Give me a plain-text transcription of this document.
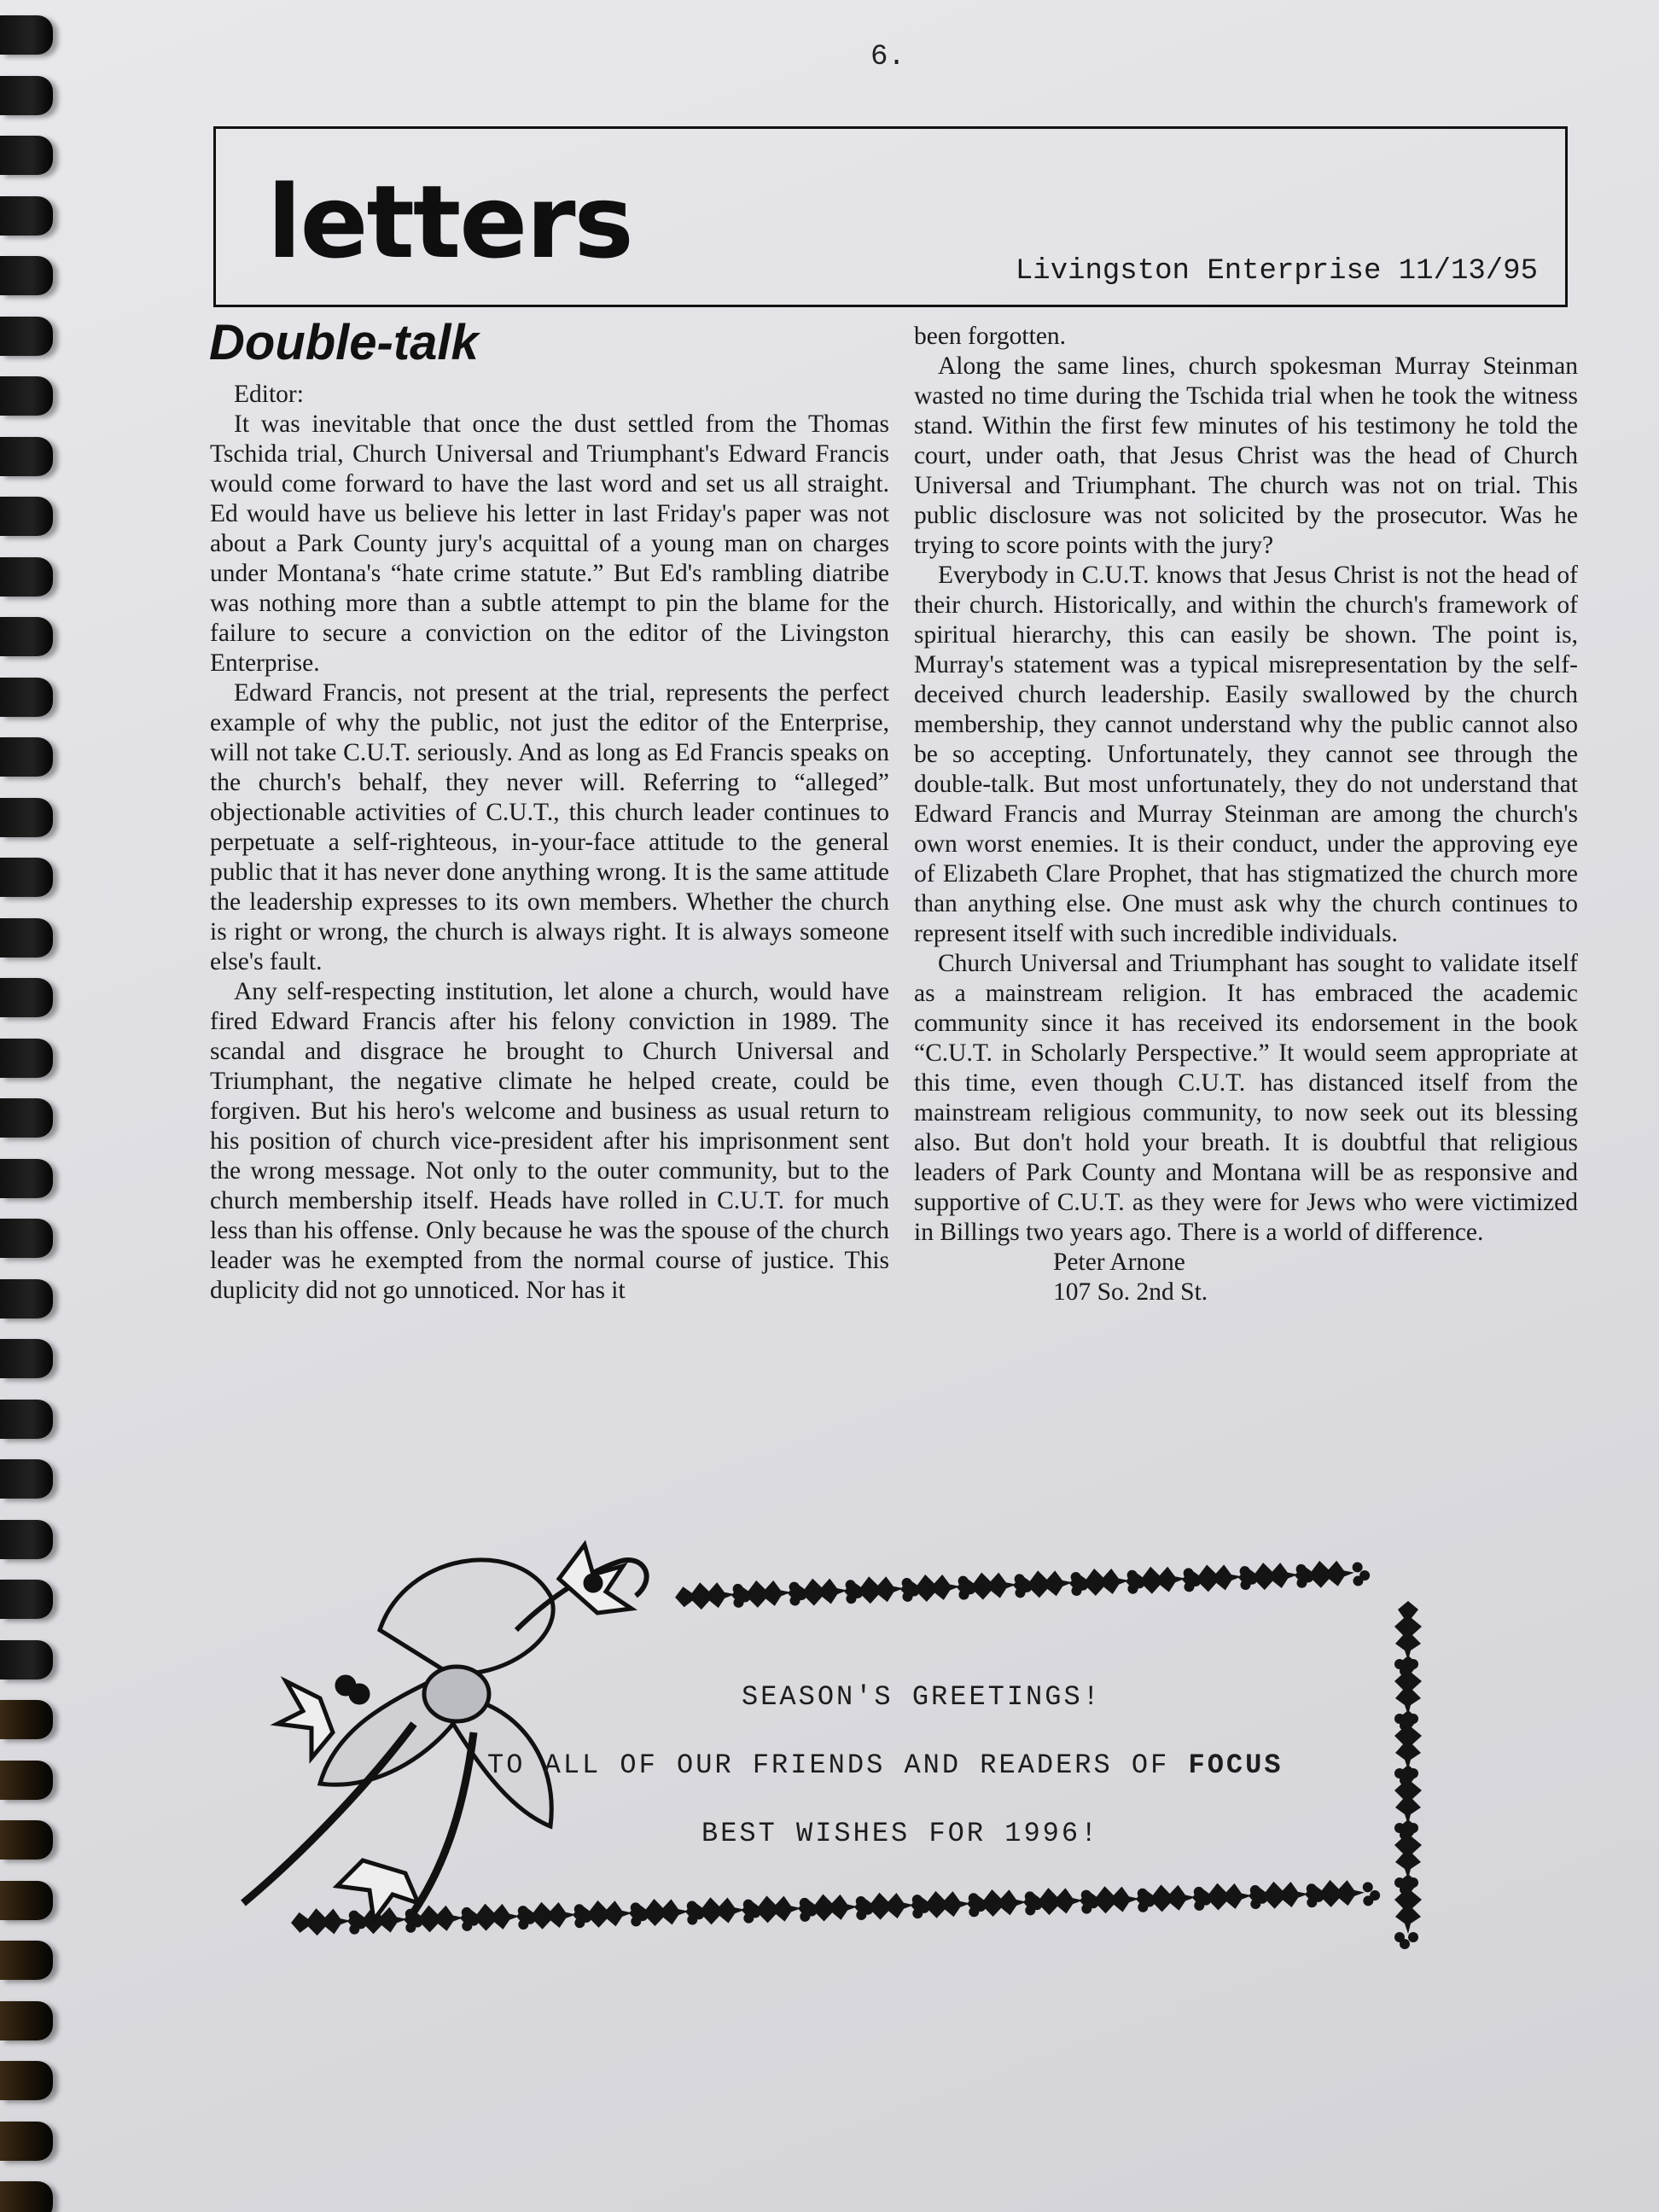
6.
letters	Livingston Enterprise 11/13/95
Double-talk

Editor:

It was inevitable that once the dust settled from the Thomas Tschida trial, Church Universal and Triumphant's Edward Francis would come forward to have the last word and set us all straight. Ed would have us believe his letter in last Friday's paper was not about a Park County jury's acquittal of a young man on charges under Montana's “hate crime statute.” But Ed's rambling diatribe was nothing more than a subtle attempt to pin the blame for the failure to secure a conviction on the editor of the Livingston Enterprise.

Edward Francis, not present at the trial, represents the perfect example of why the public, not just the editor of the Enterprise, will not take C.U.T. seriously. And as long as Ed Francis speaks on the church's behalf, they never will. Referring to “alleged” objectionable activities of C.U.T., this church leader continues to perpetuate a self-righteous, in-your-face attitude to the general public that it has never done anything wrong. It is the same attitude the leadership expresses to its own members. Whether the church is right or wrong, the church is always right. It is always someone else's fault.

Any self-respecting institution, let alone a church, would have fired Edward Francis after his felony conviction in 1989. The scandal and disgrace he brought to Church Universal and Triumphant, the negative climate he helped create, could be forgiven. But his hero's welcome and business as usual return to his position of church vice-president after his imprisonment sent the wrong message. Not only to the outer community, but to the church membership itself. Heads have rolled in C.U.T. for much less than his offense. Only because he was the spouse of the church leader was he exempted from the normal course of justice. This duplicity did not go unnoticed. Nor has it

been forgotten.

Along the same lines, church spokesman Murray Steinman wasted no time during the Tschida trial when he took the witness stand. Within the first few minutes of his testimony he told the court, under oath, that Jesus Christ was the head of Church Universal and Triumphant. The church was not on trial. This public disclosure was not solicited by the prosecutor. Was he trying to score points with the jury?

Everybody in C.U.T. knows that Jesus Christ is not the head of their church. Historically, and within the church's framework of spiritual hierarchy, this can easily be shown. The point is, Murray's statement was a typical misrepresentation by the self-deceived church leadership. Easily swallowed by the church membership, they cannot understand why the public cannot also be so accepting. Unfortunately, they cannot see through the double-talk. But most unfortunately, they do not understand that Edward Francis and Murray Steinman are among the church's own worst enemies. It is their conduct, under the approving eye of Elizabeth Clare Prophet, that has stigmatized the church more than anything else. One must ask why the church continues to represent itself with such incredible individuals.

Church Universal and Triumphant has sought to validate itself as a mainstream religion. It has embraced the academic community since it has received its endorsement in the book “C.U.T. in Scholarly Perspective.” It would seem appropriate at this time, even though C.U.T. has distanced itself from the mainstream religious community, to now seek out its blessing also. But don't hold your breath. It is doubtful that religious leaders of Park County and Montana will be as responsive and supportive of C.U.T. as they were for Jews who were victimized in Billings two years ago. There is a world of difference.

Peter Arnone

107 So. 2nd St.

SEASON'S GREETINGS!
TO ALL OF OUR FRIENDS AND READERS OF FOCUS
BEST WISHES FOR 1996!
